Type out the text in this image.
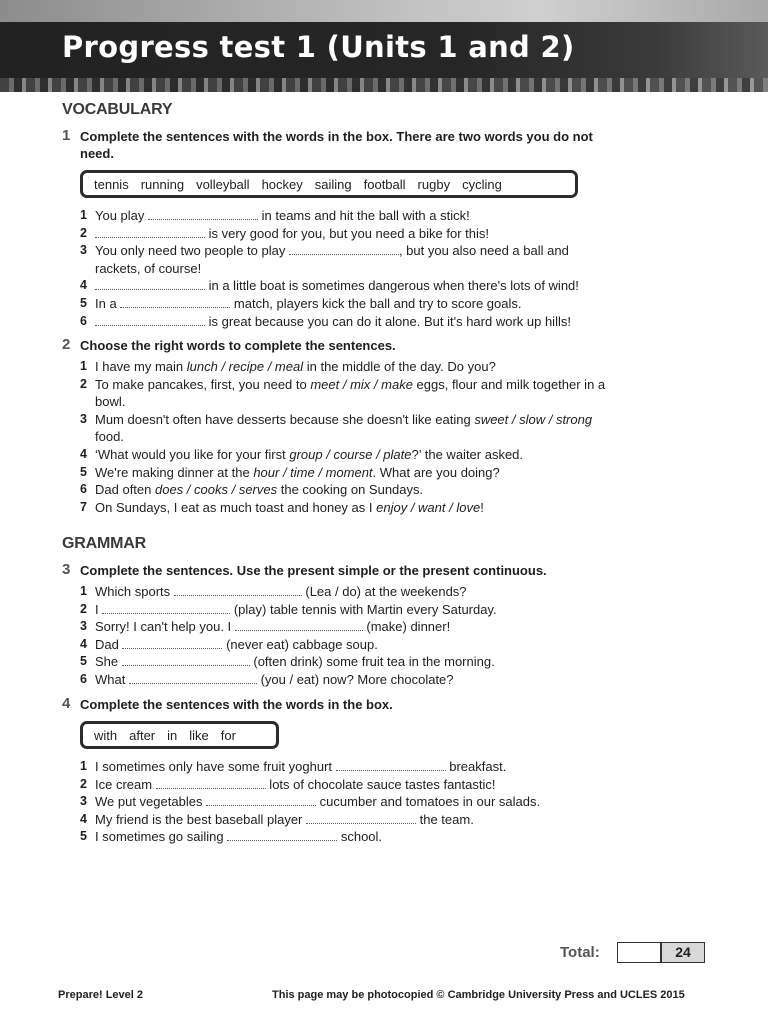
Progress test 1 (Units 1 and 2)
VOCABULARY
1 Complete the sentences with the words in the box. There are two words you do not need.

tennis running volleyball hockey sailing football rugby cycling
1 You play	in teams and hit the ball with a stick!
2	is very good for you, but you need a bike for this!
3 You only need two people to play	, but you also need a ball and rackets, of course!
4	in a little boat is sometimes dangerous when there's lots of wind!
5 In a	match, players kick the ball and try to score goals.
6	is great because you can do it alone. But it's hard work up hills!
2 Choose the right words to complete the sentences.

1 I have my main lunch / recipe / meal in the middle of the day. Do you?
2 To make pancakes, first, you need to meet / mix / make eggs, flour and milk together in a bowl.
3 Mum doesn't often have desserts because she doesn't like eating sweet / slow / strong food.
4 ‘What would you like for your first group / course / plate?’ the waiter asked.
5 We're making dinner at the hour / time / moment. What are you doing?
6 Dad often does / cooks / serves the cooking on Sundays.
7 On Sundays, I eat as much toast and honey as I enjoy / want / love!
GRAMMAR
3 Complete the sentences. Use the present simple or the present continuous.

1 Which sports	(Lea / do) at the weekends?
2 I	(play) table tennis with Martin every Saturday.
3 Sorry! I can't help you. I	(make) dinner!
4 Dad	(never eat) cabbage soup.
5 She	(often drink) some fruit tea in the morning.
6 What	(you / eat) now? More chocolate?
4 Complete the sentences with the words in the box.

with after in like for
1 I sometimes only have some fruit yoghurt	breakfast.
2 Ice cream	lots of chocolate sauce tastes fantastic!
3 We put vegetables	cucumber and tomatoes in our salads.
4 My friend is the best baseball player	the team.
5 I sometimes go sailing	school.
Total:	24
Prepare! Level 2	This page may be photocopied © Cambridge University Press and UCLES 2015
